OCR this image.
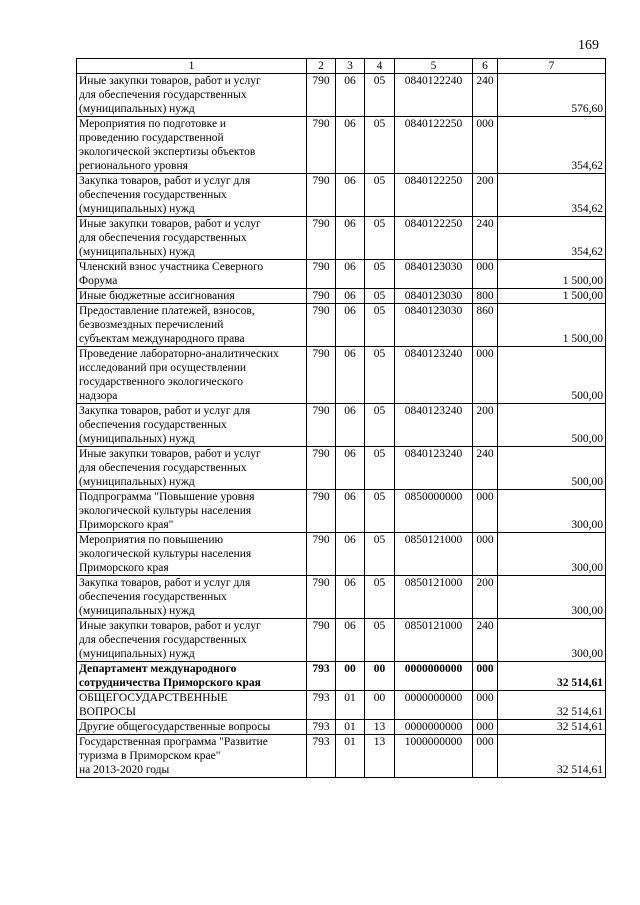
169
1	2	3	4	5	6	7
Иные закупки товаров, работ и услуг
для обеспечения государственных
(муниципальных) нужд	790	06	05	0840122240	240	576,60
Мероприятия по подготовке и
проведению государственной
экологической экспертизы объектов
регионального уровня	790	06	05	0840122250	000	354,62
Закупка товаров, работ и услуг для
обеспечения государственных
(муниципальных) нужд	790	06	05	0840122250	200	354,62
Иные закупки товаров, работ и услуг
для обеспечения государственных
(муниципальных) нужд	790	06	05	0840122250	240	354,62
Членский взнос участника Северного
Форума	790	06	05	0840123030	000	1 500,00
Иные бюджетные ассигнования	790	06	05	0840123030	800	1 500,00
Предоставление платежей, взносов,
безвозмездных перечислений
субъектам международного права	790	06	05	0840123030	860	1 500,00
Проведение лабораторно-аналитических
исследований при осуществлении
государственного экологического
надзора	790	06	05	0840123240	000	500,00
Закупка товаров, работ и услуг для
обеспечения государственных
(муниципальных) нужд	790	06	05	0840123240	200	500,00
Иные закупки товаров, работ и услуг
для обеспечения государственных
(муниципальных) нужд	790	06	05	0840123240	240	500,00
Подпрограмма "Повышение уровня
экологической культуры населения
Приморского края"	790	06	05	0850000000	000	300,00
Мероприятия по повышению
экологической культуры населения
Приморского края	790	06	05	0850121000	000	300,00
Закупка товаров, работ и услуг для
обеспечения государственных
(муниципальных) нужд	790	06	05	0850121000	200	300,00
Иные закупки товаров, работ и услуг
для обеспечения государственных
(муниципальных) нужд	790	06	05	0850121000	240	300,00
Департамент международного
сотрудничества Приморского края	793	00	00	0000000000	000	32 514,61
ОБЩЕГОСУДАРСТВЕННЫЕ
ВОПРОСЫ	793	01	00	0000000000	000	32 514,61
Другие общегосударственные вопросы	793	01	13	0000000000	000	32 514,61
Государственная программа "Развитие
туризма в Приморском крае"
на 2013-2020 годы	793	01	13	1000000000	000	32 514,61
